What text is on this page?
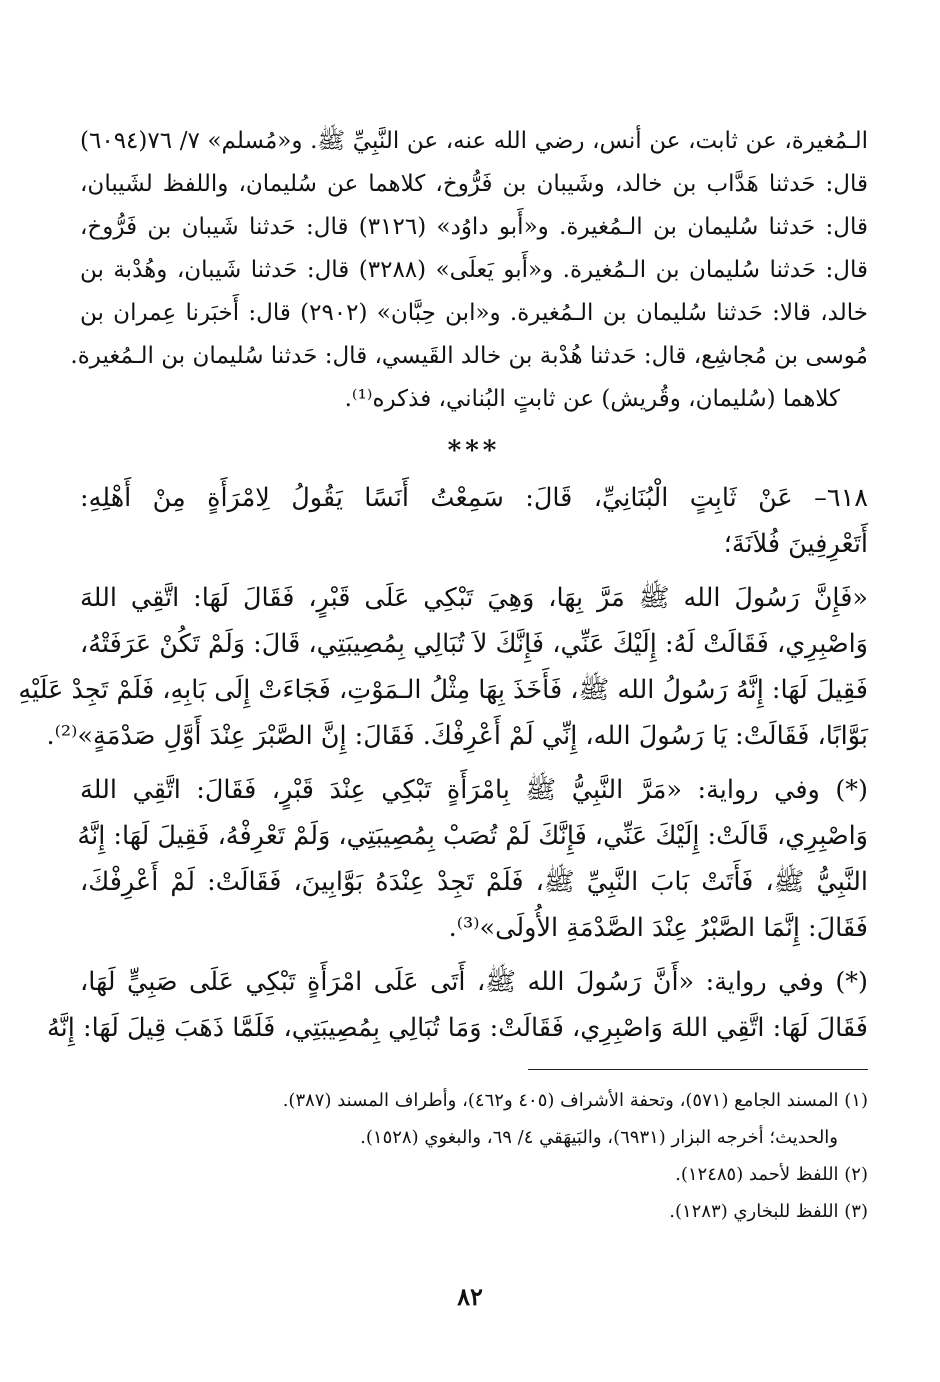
الـمُغيرة، عن ثابت، عن أنس، رضي الله عنه، عن النَّبِيِّ ﷺ. و«مُسلم» ٧/ ٧٦(٦٠٩٤)
قال: حَدثنا هَدَّاب بن خالد، وشَيبان بن فَرُّوخ، كلاهما عن سُليمان، واللفظ لشَيبان،
قال: حَدثنا سُليمان بن الـمُغيرة. و«أَبو داوُد» (٣١٢٦) قال: حَدثنا شَيبان بن فَرُّوخ،
قال: حَدثنا سُليمان بن الـمُغيرة. و«أَبو يَعلَى» (٣٢٨٨) قال: حَدثنا شَيبان، وهُدْبة بن
خالد، قالا: حَدثنا سُليمان بن الـمُغيرة. و«ابن حِبَّان» (٢٩٠٢) قال: أَخبَرنا عِمران بن
مُوسى بن مُجاشِع، قال: حَدثنا هُدْبة بن خالد القَيسي، قال: حَدثنا سُليمان بن الـمُغيرة.
كلاهما (سُليمان، وقُريش) عن ثابتٍ البُناني، فذكره⁽¹⁾.
***
٦١٨– عَنْ ثَابِتٍ الْبُنَانِيِّ، قَالَ: سَمِعْتُ أَنَسًا يَقُولُ لِامْرَأَةٍ مِنْ أَهْلِهِ:
أَتَعْرِفِينَ فُلاَنَةَ؛
«فَإِنَّ رَسُولَ الله ﷺ مَرَّ بِهَا، وَهِيَ تَبْكِي عَلَى قَبْرٍ، فَقَالَ لَهَا: اتَّقِي اللهَ
وَاصْبِرِي، فَقَالَتْ لَهُ: إِلَيْكَ عَنِّي، فَإِنَّكَ لاَ تُبَالِي بِمُصِيبَتِي، قَالَ: وَلَمْ تَكُنْ عَرَفَتْهُ،
فَقِيلَ لَهَا: إِنَّهُ رَسُولُ الله ﷺ، فَأَخَذَ بِهَا مِثْلُ الـمَوْتِ، فَجَاءَتْ إِلَى بَابِهِ، فَلَمْ تَجِدْ عَلَيْهِ
بَوَّابًا، فَقَالَتْ: يَا رَسُولَ الله، إِنِّي لَمْ أَعْرِفْكَ. فَقَالَ: إِنَّ الصَّبْرَ عِنْدَ أَوَّلِ صَدْمَةٍ»⁽²⁾.
(*) وفي رواية: «مَرَّ النَّبِيُّ ﷺ بِامْرَأَةٍ تَبْكِي عِنْدَ قَبْرٍ، فَقَالَ: اتَّقِي اللهَ
وَاصْبِرِي، قَالَتْ: إِلَيْكَ عَنِّي، فَإِنَّكَ لَمْ تُصَبْ بِمُصِيبَتِي، وَلَمْ تَعْرِفْهُ، فَقِيلَ لَهَا: إِنَّهُ
النَّبِيُّ ﷺ، فَأَتَتْ بَابَ النَّبِيِّ ﷺ، فَلَمْ تَجِدْ عِنْدَهُ بَوَّابِينَ، فَقَالَتْ: لَمْ أَعْرِفْكَ،
فَقَالَ: إِنَّمَا الصَّبْرُ عِنْدَ الصَّدْمَةِ الأُولَى»⁽³⁾.
(*) وفي رواية: «أَنَّ رَسُولَ الله ﷺ، أَتَى عَلَى امْرَأَةٍ تَبْكِي عَلَى صَبِيٍّ لَهَا،
فَقَالَ لَهَا: اتَّقِي اللهَ وَاصْبِرِي، فَقَالَتْ: وَمَا تُبَالِي بِمُصِيبَتِي، فَلَمَّا ذَهَبَ قِيلَ لَهَا: إِنَّهُ
(١) المسند الجامع (٥٧١)، وتحفة الأشراف (٤٠٥ و٤٦٢)، وأطراف المسند (٣٨٧).
والحديث؛ أخرجه البزار (٦٩٣١)، والبَيهَقي ٤/ ٦٩، والبغوي (١٥٢٨).
(٢) اللفظ لأحمد (١٢٤٨٥).
(٣) اللفظ للبخاري (١٢٨٣).
٨٢
